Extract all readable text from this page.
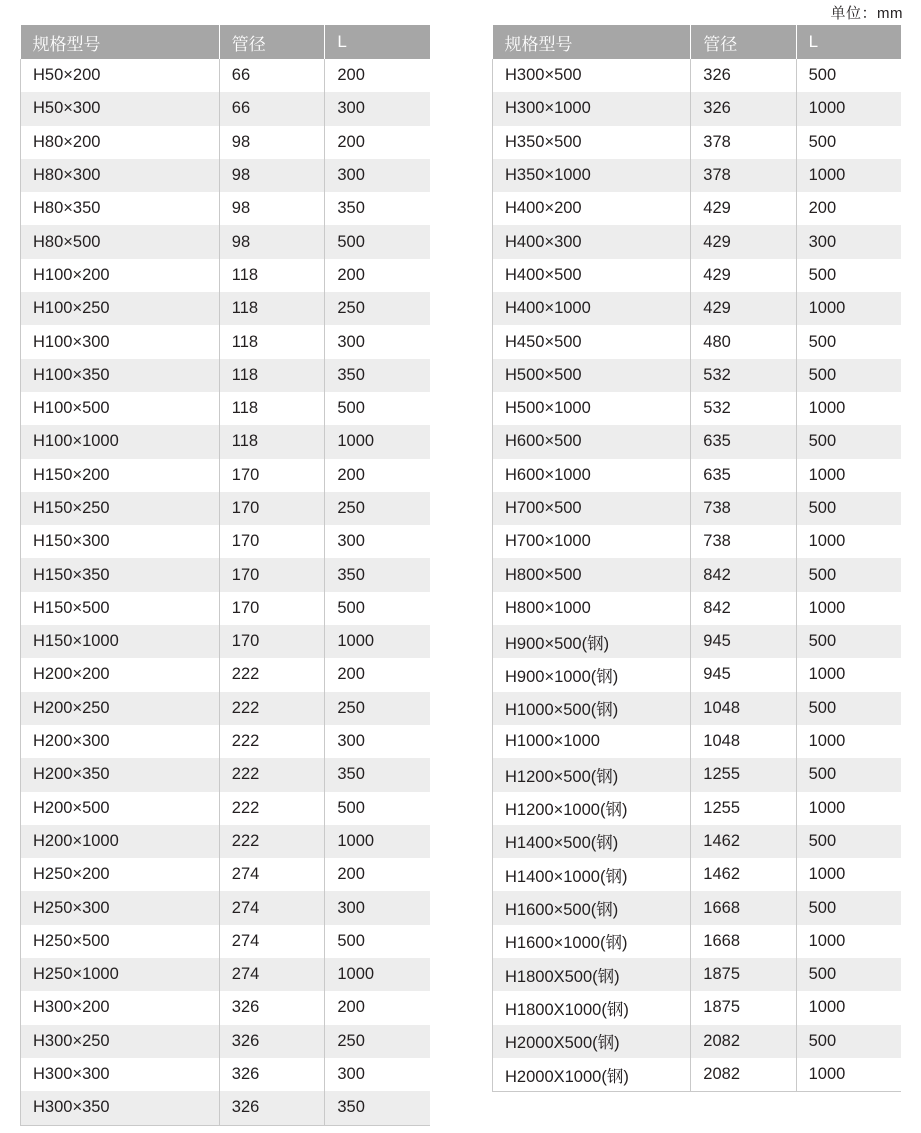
单位：mm
规格型号	管径	L
H50×200	66	200
H50×300	66	300
H80×200	98	200
H80×300	98	300
H80×350	98	350
H80×500	98	500
H100×200	118	200
H100×250	118	250
H100×300	118	300
H100×350	118	350
H100×500	118	500
H100×1000	118	1000
H150×200	170	200
H150×250	170	250
H150×300	170	300
H150×350	170	350
H150×500	170	500
H150×1000	170	1000
H200×200	222	200
H200×250	222	250
H200×300	222	300
H200×350	222	350
H200×500	222	500
H200×1000	222	1000
H250×200	274	200
H250×300	274	300
H250×500	274	500
H250×1000	274	1000
H300×200	326	200
H300×250	326	250
H300×300	326	300
H300×350	326	350
规格型号	管径	L
H300×500	326	500
H300×1000	326	1000
H350×500	378	500
H350×1000	378	1000
H400×200	429	200
H400×300	429	300
H400×500	429	500
H400×1000	429	1000
H450×500	480	500
H500×500	532	500
H500×1000	532	1000
H600×500	635	500
H600×1000	635	1000
H700×500	738	500
H700×1000	738	1000
H800×500	842	500
H800×1000	842	1000
H900×500(钢)	945	500
H900×1000(钢)	945	1000
H1000×500(钢)	1048	500
H1000×1000	1048	1000
H1200×500(钢)	1255	500
H1200×1000(钢)	1255	1000
H1400×500(钢)	1462	500
H1400×1000(钢)	1462	1000
H1600×500(钢)	1668	500
H1600×1000(钢)	1668	1000
H1800X500(钢)	1875	500
H1800X1000(钢)	1875	1000
H2000X500(钢)	2082	500
H2000X1000(钢)	2082	1000
